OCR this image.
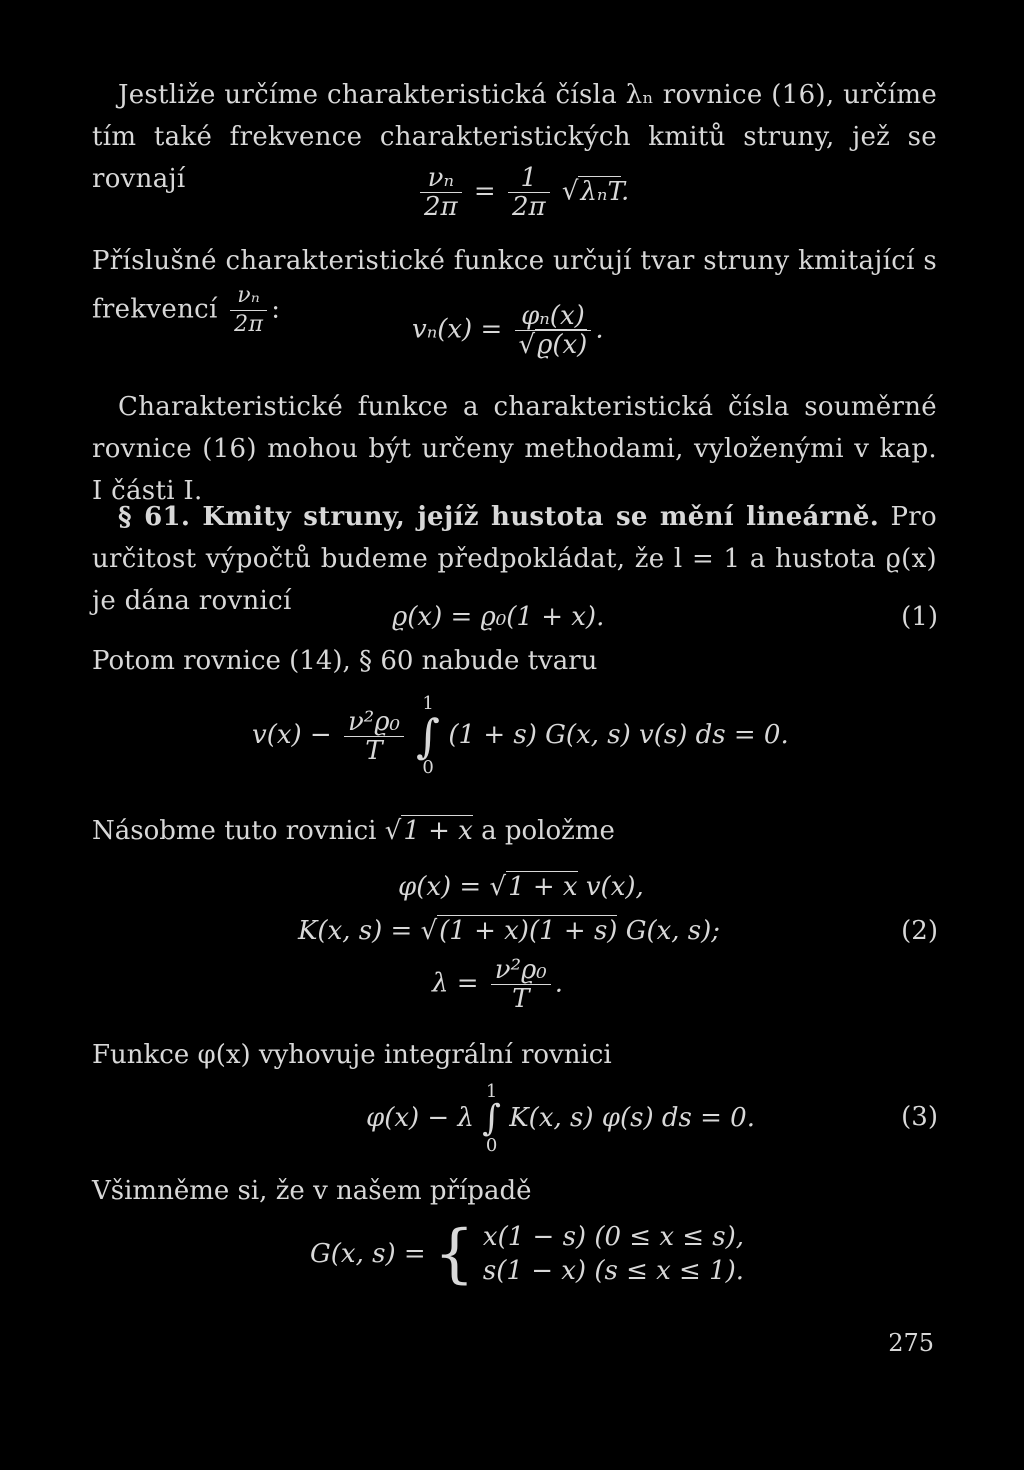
Jestliže určíme charakteristická čísla λₙ rovnice (16), určíme tím také frekvence charakteristických kmitů struny, jež se rovnají	$\frac{\text{νₙ}}{2\pi} = \frac{1}{2\pi} √\lambda_nT$.
Příslušné charakteristické funkce určují tvar struny kmitající s frekvencí $\frac{\text{νₙ}}{2\pi}$ :
$v_n(x) = \frac{\text{φₙ(x)}}{√ϱ(x)}$ .
Charakteristické funkce a charakteristická čísla souměrné rovnice (16) mohou být určeny methodami, vyloženými v kap. I části I.
§ 61. Kmity struny, jejíž hustota se mění lineárně. Pro určitost výpočtů budeme předpokládat, že l = 1 a hustota ϱ(x) je dána rovnicí
ϱ(x) = ϱ₀(1 + x).	(1)
Potom rovnice (14), § 60 nabude tvaru
$v(x) - \frac{\text{ν²ϱ₀}}{T}$

1
∫
0
(1 + s) G(x, s) v(s) ds = 0.
Násobme tuto rovnici √1 + x a položme
φ(x) = √1 + x v(x),
K(x, s) = √(1 + x)(1 + s) G(x, s);	(2)
$\lambda = \frac{\text{ν²ϱ₀}}{T}$ .
Funkce φ(x) vyhovuje integrální rovnici
φ(x) − λ
1
∫
0
K(x, s) φ(s) ds = 0.	(3)
Všimněme si, že v našem případě
G(x, s) = { x(1 − s) (0 ≤ x ≤ s),
s(1 − x) (s ≤ x ≤ 1).
275
